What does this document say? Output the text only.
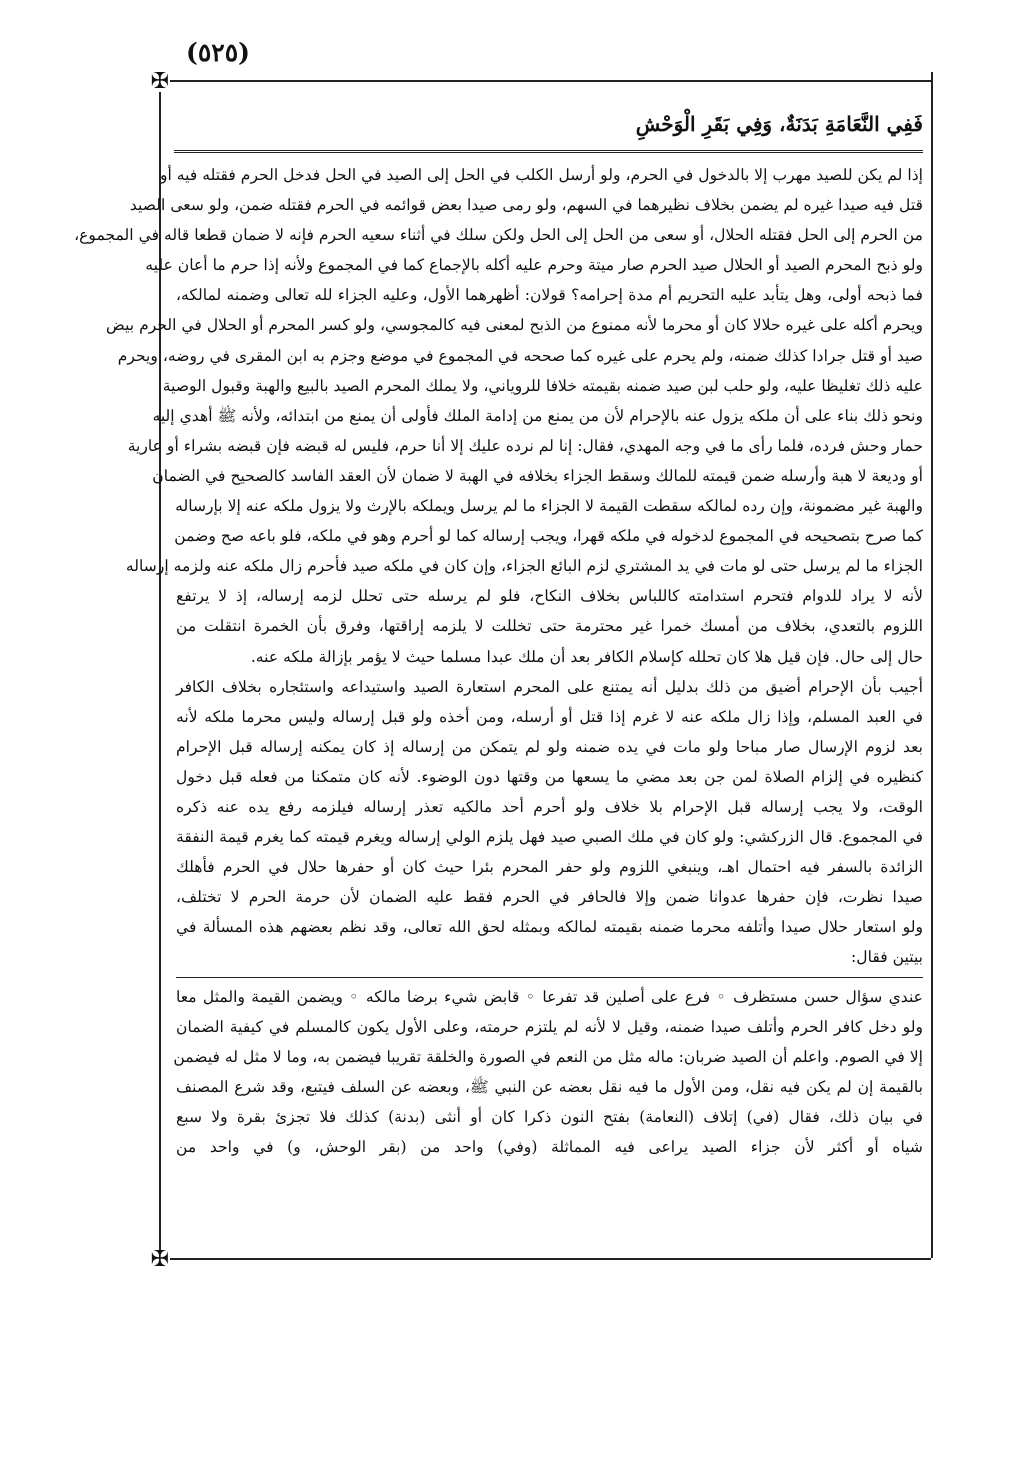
(٥٢٥)
✠
✠
فَفِي النَّعَامَةِ بَدَنَةٌ، وَفِي بَقَرِ الْوَحْشِ
إذا لم يكن للصيد مهرب إلا بالدخول في الحرم، ولو أرسل الكلب في الحل إلى الصيد في الحل فدخل الحرم فقتله فيه أو
قتل فيه صيدا غيره لم يضمن بخلاف نظيرهما في السهم، ولو رمى صيدا بعض قوائمه في الحرم فقتله ضمن، ولو سعى الصيد
من الحرم إلى الحل فقتله الحلال، أو سعى من الحل إلى الحل ولكن سلك في أثناء سعيه الحرم فإنه لا ضمان قطعا قاله في المجموع،
ولو ذبح المحرم الصيد أو الحلال صيد الحرم صار ميتة وحرم عليه أكله بالإجماع كما في المجموع ولأنه إذا حرم ما أعان عليه
فما ذبحه أولى، وهل يتأبد عليه التحريم أم مدة إحرامه؟ قولان: أظهرهما الأول، وعليه الجزاء لله تعالى وضمنه لمالكه،
ويحرم أكله على غيره حلالا كان أو محرما لأنه ممنوع من الذبح لمعنى فيه كالمجوسي، ولو كسر المحرم أو الحلال في الحرم بيض
صيد أو قتل جرادا كذلك ضمنه، ولم يحرم على غيره كما صححه في المجموع في موضع وجزم به ابن المقرى في روضه، ويحرم
عليه ذلك تغليظا عليه، ولو حلب لبن صيد ضمنه بقيمته خلافا للروياني، ولا يملك المحرم الصيد بالبيع والهبة وقبول الوصية
ونحو ذلك بناء على أن ملكه يزول عنه بالإحرام لأن من يمنع من إدامة الملك فأولى أن يمنع من ابتدائه، ولأنه ﷺ أهدي إليه
حمار وحش فرده، فلما رأى ما في وجه المهدي، فقال: إنا لم نرده عليك إلا أنا حرم، فليس له قبضه فإن قبضه بشراء أو عارية
أو وديعة لا هبة وأرسله ضمن قيمته للمالك وسقط الجزاء بخلافه في الهبة لا ضمان لأن العقد الفاسد كالصحيح في الضمان
والهبة غير مضمونة، وإن رده لمالكه سقطت القيمة لا الجزاء ما لم يرسل ويملكه بالإرث ولا يزول ملكه عنه إلا بإرساله
كما صرح بتصحيحه في المجموع لدخوله في ملكه قهرا، ويجب إرساله كما لو أحرم وهو في ملكه، فلو باعه صح وضمن
الجزاء ما لم يرسل حتى لو مات في يد المشتري لزم البائع الجزاء، وإن كان في ملكه صيد فأحرم زال ملكه عنه ولزمه إرساله
لأنه لا يراد للدوام فتحرم استدامته كاللباس بخلاف النكاح، فلو لم يرسله حتى تحلل لزمه إرساله، إذ لا يرتفع
اللزوم بالتعدي، بخلاف من أمسك خمرا غير محترمة حتى تخللت لا يلزمه إراقتها، وفرق بأن الخمرة انتقلت من
حال إلى حال. فإن قيل هلا كان تحلله كإسلام الكافر بعد أن ملك عبدا مسلما حيث لا يؤمر بإزالة ملكه عنه.
أجيب بأن الإحرام أضيق من ذلك بدليل أنه يمتنع على المحرم استعارة الصيد واستيداعه واستئجاره بخلاف الكافر
في العبد المسلم، وإذا زال ملكه عنه لا غرم إذا قتل أو أرسله، ومن أخذه ولو قبل إرساله وليس محرما ملكه لأنه
بعد لزوم الإرسال صار مباحا ولو مات في يده ضمنه ولو لم يتمكن من إرساله إذ كان يمكنه إرساله قبل الإحرام
كنظيره في إلزام الصلاة لمن جن بعد مضي ما يسعها من وقتها دون الوضوء. لأنه كان متمكنا من فعله قبل دخول
الوقت، ولا يجب إرساله قبل الإحرام بلا خلاف ولو أحرم أحد مالكيه تعذر إرساله فيلزمه رفع يده عنه ذكره
في المجموع. قال الزركشي: ولو كان في ملك الصبي صيد فهل يلزم الولي إرساله ويغرم قيمته كما يغرم قيمة النفقة
الزائدة بالسفر فيه احتمال اهـ، وينبغي اللزوم ولو حفر المحرم بئرا حيث كان أو حفرها حلال في الحرم فأهلك
صيدا نظرت، فإن حفرها عدوانا ضمن وإلا فالحافر في الحرم فقط عليه الضمان لأن حرمة الحرم لا تختلف،
ولو استعار حلال صيدا وأتلفه محرما ضمنه بقيمته لمالكه وبمثله لحق الله تعالى، وقد نظم بعضهم هذه المسألة في
بيتين فقال:
عندي سؤال حسن مستظرف ◦ فرع على أصلين قد تفرعا ◦ قابض شيء برضا مالكه ◦ ويضمن القيمة والمثل معا
ولو دخل كافر الحرم وأتلف صيدا ضمنه، وقيل لا لأنه لم يلتزم حرمته، وعلى الأول يكون كالمسلم في كيفية الضمان
إلا في الصوم. واعلم أن الصيد ضربان: ماله مثل من النعم في الصورة والخلقة تقريبا فيضمن به، وما لا مثل له فيضمن
بالقيمة إن لم يكن فيه نقل، ومن الأول ما فيه نقل بعضه عن النبي ﷺ، وبعضه عن السلف فيتبع، وقد شرع المصنف
في بيان ذلك، فقال (في) إتلاف (النعامة) بفتح النون ذكرا كان أو أنثى (بدنة) كذلك فلا تجزئ بقرة ولا سبع
شياه أو أكثر لأن جزاء الصيد يراعى فيه المماثلة (وفي) واحد من (بقر الوحش، و) في واحد من
